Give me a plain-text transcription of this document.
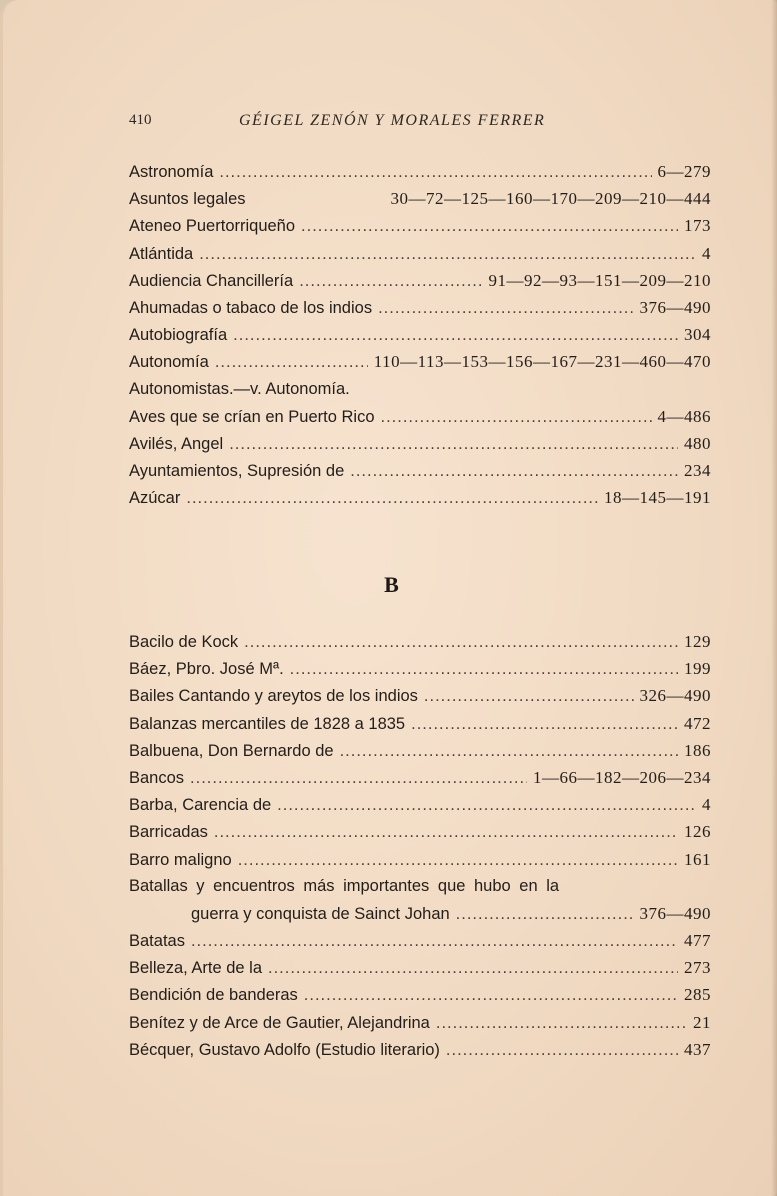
410	GÉIGEL ZENÓN Y MORALES FERRER
Astronomía .....	6—279
Asuntos legales	30—72—125—160—170—209—210—444
Ateneo Puertorriqueño .....	173
Atlántida .....	4
Audiencia Chancillería .....	91—92—93—151—209—210
Ahumadas o tabaco de los indios .....	376—490
Autobiografía .....	304
Autonomía .....	110—113—153—156—167—231—460—470
Autonomistas.—v. Autonomía.
Aves que se crían en Puerto Rico .....	4—486
Avilés, Angel .....	480
Ayuntamientos, Supresión de .....	234
Azúcar .....	18—145—191
B
Bacilo de Kock .....	129
Báez, Pbro. José Mª. .....	199
Bailes Cantando y areytos de los indios .....	326—490
Balanzas mercantiles de 1828 a 1835 .....	472
Balbuena, Don Bernardo de .....	186
Bancos .....	1—66—182—206—234
Barba, Carencia de .....	4
Barricadas .....	126
Barro maligno .....	161
Batallas y encuentros más importantes que hubo en la
guerra y conquista de Sainct Johan .....	376—490
Batatas .....	477
Belleza, Arte de la .....	273
Bendición de banderas .....	285
Benítez y de Arce de Gautier, Alejandrina .....	21
Bécquer, Gustavo Adolfo (Estudio literario) .....	437
